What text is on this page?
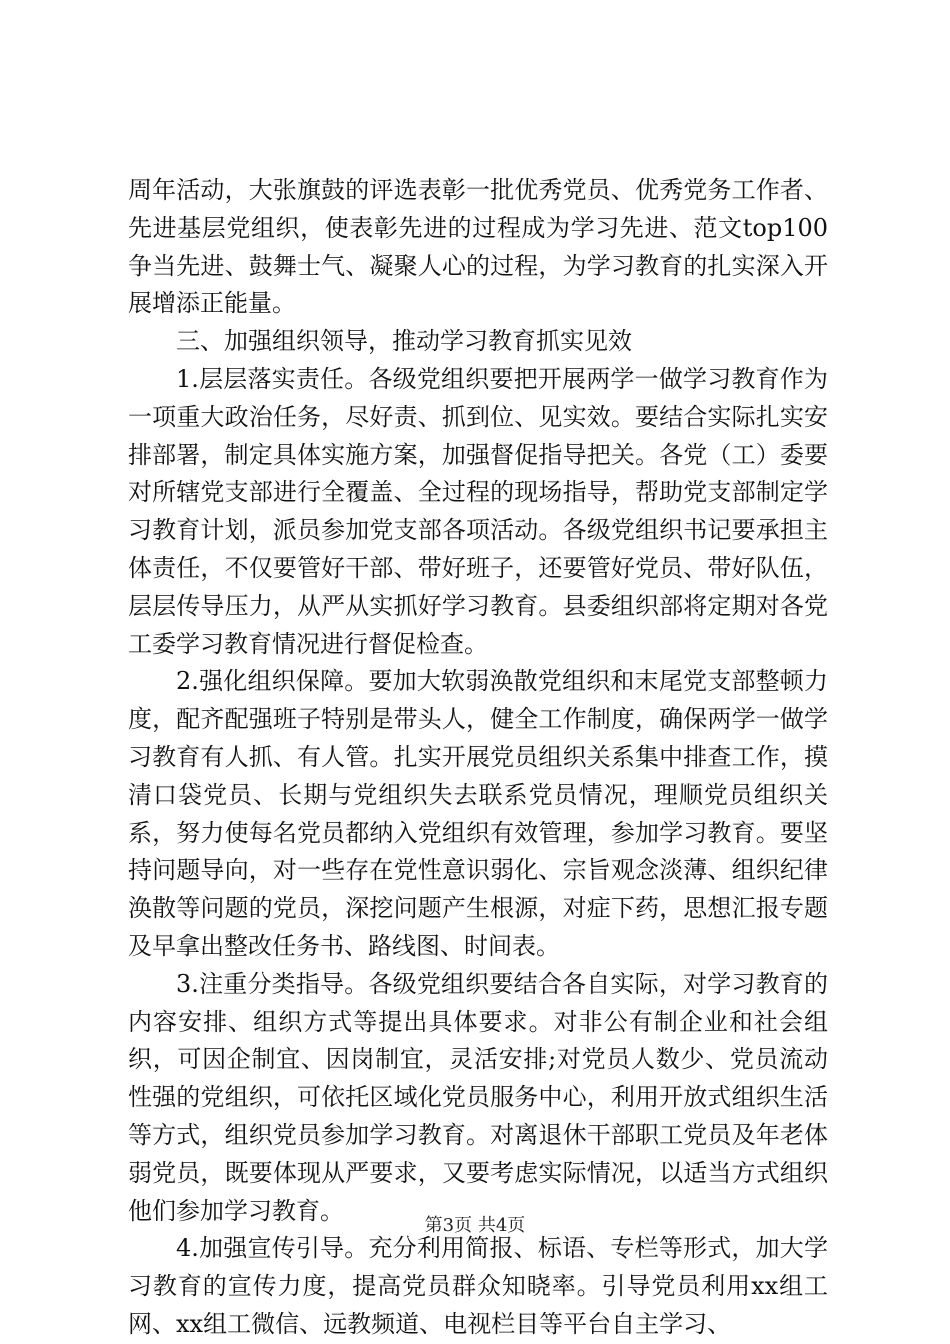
周年活动，大张旗鼓的评选表彰一批优秀党员、优秀党务工作者、先进基层党组织，使表彰先进的过程成为学习先进、范文top100争当先进、鼓舞士气、凝聚人心的过程，为学习教育的扎实深入开展增添正能量。

三、加强组织领导，推动学习教育抓实见效

1.层层落实责任。各级党组织要把开展两学一做学习教育作为一项重大政治任务，尽好责、抓到位、见实效。要结合实际扎实安排部署，制定具体实施方案，加强督促指导把关。各党（工）委要对所辖党支部进行全覆盖、全过程的现场指导，帮助党支部制定学习教育计划，派员参加党支部各项活动。各级党组织书记要承担主体责任，不仅要管好干部、带好班子，还要管好党员、带好队伍，层层传导压力，从严从实抓好学习教育。县委组织部将定期对各党工委学习教育情况进行督促检查。

2.强化组织保障。要加大软弱涣散党组织和末尾党支部整顿力度，配齐配强班子特别是带头人，健全工作制度，确保两学一做学习教育有人抓、有人管。扎实开展党员组织关系集中排查工作，摸清口袋党员、长期与党组织失去联系党员情况，理顺党员组织关系，努力使每名党员都纳入党组织有效管理，参加学习教育。要坚持问题导向，对一些存在党性意识弱化、宗旨观念淡薄、组织纪律涣散等问题的党员，深挖问题产生根源，对症下药，思想汇报专题及早拿出整改任务书、路线图、时间表。

3.注重分类指导。各级党组织要结合各自实际，对学习教育的内容安排、组织方式等提出具体要求。对非公有制企业和社会组织，可因企制宜、因岗制宜，灵活安排;对党员人数少、党员流动性强的党组织，可依托区域化党员服务中心，利用开放式组织生活等方式，组织党员参加学习教育。对离退休干部职工党员及年老体弱党员，既要体现从严要求，又要考虑实际情况，以适当方式组织他们参加学习教育。

4.加强宣传引导。充分利用简报、标语、专栏等形式，加大学习教育的宣传力度，提高党员群众知晓率。引导党员利用xx组工网、xx组工微信、远教频道、电视栏目等平台自主学习、

第3页 共4页
